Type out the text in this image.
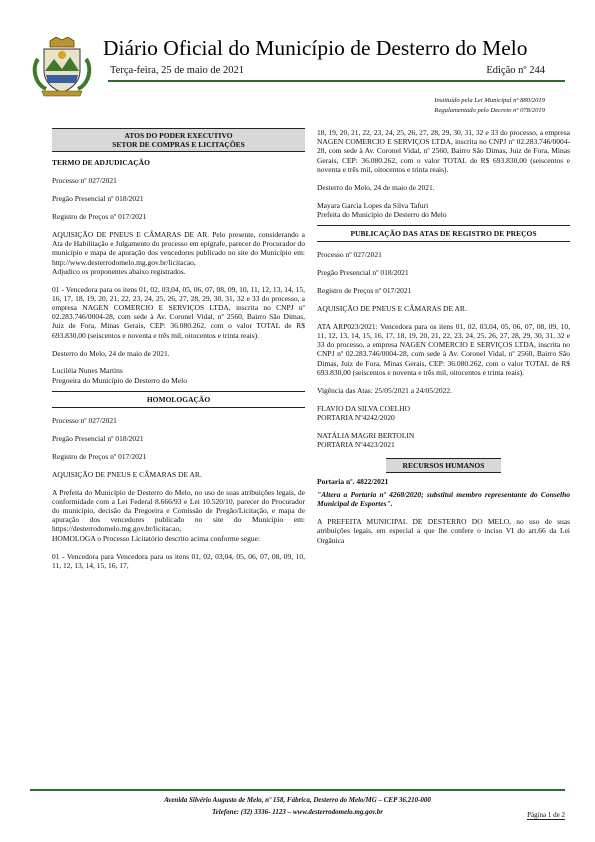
Diário Oficial do Município de Desterro do Melo
Terça-feira, 25 de maio de 2021	Edição nº 244
Instituído pela Lei Municipal nº 880/2019
Regulamentado pelo Decreto nº 078/2019
ATOS DO PODER EXECUTIVO
SETOR DE COMPRAS E LICITAÇÕES

TERMO DE ADJUDICAÇÃO

Processo nº 027/2021

Pregão Presencial nº 018/2021

Registro de Preços nº 017/2021

AQUISIÇÃO DE PNEUS E CÂMARAS DE AR. Pelo presente, considerando a Ata de Habilitação e Julgamento do processo em epígrafe, parecer do Procurador do município e mapa de apuração dos vencedores publicado no site do Município em: http://www.desterrodomelo.mg.gov.br/licitacao,

Adjudico os proponentes abaixo registrados.

01 - Vencedora para os itens 01, 02, 03,04, 05, 06, 07, 08, 09, 10, 11, 12, 13, 14, 15, 16, 17, 18, 19, 20, 21, 22, 23, 24, 25, 26, 27, 28, 29, 30, 31, 32 e 33 do processo, a empresa NAGEN COMERCIO E SERVIÇOS LTDA, inscrita no CNPJ nº 02.283.746/0004-28, com sede à Av. Coronel Vidal, nº 2560, Bairro São Dimas, Juiz de Fora, Minas Gerais, CEP: 36.080.262, com o valor TOTAL de R$ 693.830,00 (seiscentos e noventa e três mil, oitocentos e trinta reais).

Desterro do Melo, 24 de maio de 2021.

Luciléia Nunes Martins

Pregoeira do Município de Desterro do Melo

HOMOLOGAÇÃO

Processo nº 027/2021

Pregão Presencial nº 018/2021

Registro de Preços nº 017/2021

AQUISIÇÃO DE PNEUS E CÂMARAS DE AR.

A Prefeita do Município de Desterro do Melo, no uso de suas atribuições legais, de conformidade com a Lei Federal 8.666/93 e Lei 10.520/10, parecer do Procurador do município, decisão da Pregoeira e Comissão de Pregão/Licitação, e mapa de apuração dos vencedores publicado no site do Município em: https://desterrodomelo.mg.gov.br/licitacao,

HOMOLOGA o Processo Licitatório descrito acima conforme segue:

01 - Vencedora para Vencedora para os itens 01, 02, 03,04, 05, 06, 07, 08, 09, 10, 11, 12, 13, 14, 15, 16, 17,

18, 19, 20, 21, 22, 23, 24, 25, 26, 27, 28, 29, 30, 31, 32 e 33 do processo, a empresa NAGEN COMERCIO E SERVIÇOS LTDA, inscrita no CNPJ nº 02.283.746/0004-28, com sede à Av. Coronel Vidal, nº 2560, Bairro São Dimas, Juiz de Fora, Minas Gerais, CEP: 36.080.262, com o valor TOTAL de R$ 693.830,00 (seiscentos e noventa e três mil, oitocentos e trinta reais).

Desterro do Melo, 24 de maio de 2021.

Mayara Garcia Lopes da Silva Tafuri

Prefeita do Município de Desterro do Melo

PUBLICAÇÃO DAS ATAS DE REGISTRO DE PREÇOS

Processo nº 027/2021

Pregão Presencial nº 018/2021

Registro de Preços nº 017/2021

AQUISIÇÃO DE PNEUS E CÂMARAS DE AR.

ATA ARP023/2021: Vencedora para os itens 01, 02, 03,04, 05, 06, 07, 08, 09, 10, 11, 12, 13, 14, 15, 16, 17, 18, 19, 20, 21, 22, 23, 24, 25, 26, 27, 28, 29, 30, 31, 32 e 33 do processo, a empresa NAGEN COMERCIO E SERVIÇOS LTDA, inscrita no CNPJ nº 02.283.746/0004-28, com sede à Av. Coronel Vidal, nº 2560, Bairro São Dimas, Juiz de Fora, Minas Gerais, CEP: 36.080.262, com o valor TOTAL de R$ 693.830,00 (seiscentos e noventa e três mil, oitocentos e trinta reais).

Vigência das Atas: 25/05/2021 a 24/05/2022.

FLAVIO DA SILVA COELHO

PORTARIA Nº4242/2020

NATÁLIA MAGRI BERTOLIN

PORTARIA Nº4423/2021

RECURSOS HUMANOS

Portaria nº. 4822/2021

"Altera a Portaria nº 4268/2020; substitui membro representante do Conselho Municipal de Esportes".

A PREFEITA MUNICIPAL DE DESTERRO DO MELO, no uso de suas atribuições legais, em especial a que lhe confere o inciso VI do art.66 da Lei Orgânica

Avenida Silvério Augusto de Melo, nº 158, Fábrica, Desterro do Melo/MG – CEP 36.210-000
Telefone: (32) 3336- 1123 – www.desterrodomelo.mg.gov.br	Página 1 de 2
